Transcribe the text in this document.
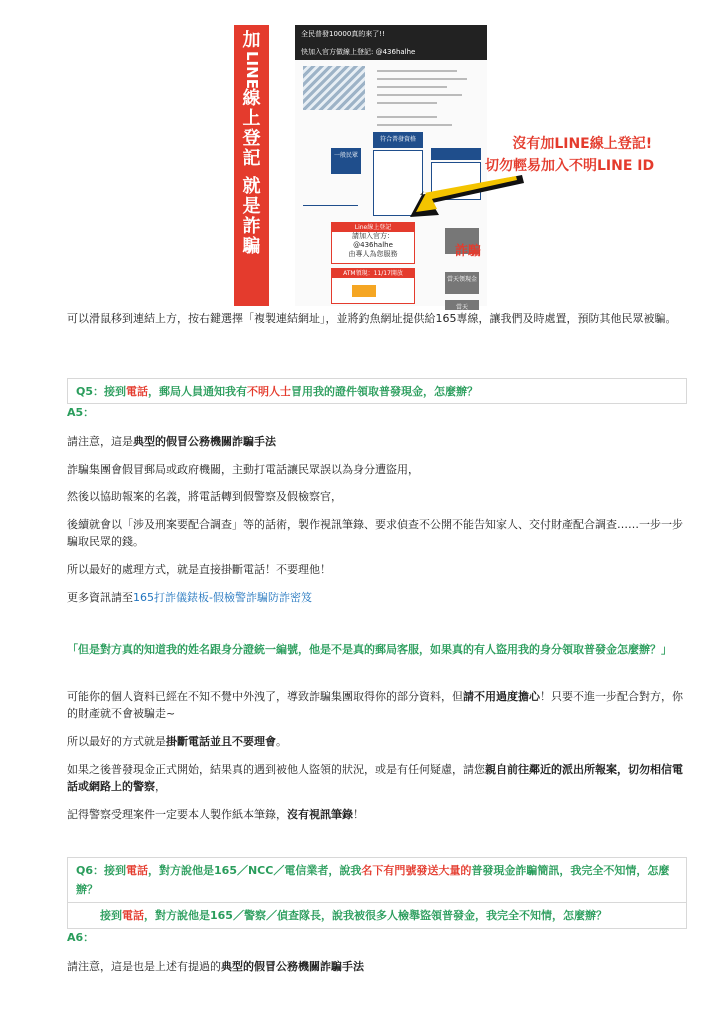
加
LINE
線
上
登
記
就
是
詐
騙
全民普發10000真的來了!!
快加入官方做線上登記: @436halhe
一般民眾
符合普發資格
Line線上登記
請加入官方：
@436halhe
由專人為您服務
ATM領現：11/17開放
當天領現金
當天
詐騙
沒有加LINE線上登記!
切勿輕易加入不明LINE ID
可以滑鼠移到連結上方，按右鍵選擇「複製連結網址」，並將釣魚網址提供給165專線，讓我們及時處置，預防其他民眾被騙。
Q5：接到電話，郵局人員通知我有不明人士冒用我的證件領取普發現金，怎麼辦？
A5：
請注意，這是典型的假冒公務機關詐騙手法
詐騙集團會假冒郵局或政府機關，主動打電話讓民眾誤以為身分遭盜用，
然後以協助報案的名義，將電話轉到假警察及假檢察官，
後續就會以「涉及刑案要配合調查」等的話術，製作視訊筆錄、要求偵查不公開不能告知家人、交付財產配合調查……一步一步騙取民眾的錢。
所以最好的處理方式，就是直接掛斷電話！不要理他！
更多資訊請至165打詐儀錶板-假檢警詐騙防詐密笈
「但是對方真的知道我的姓名跟身分證統一編號，他是不是真的郵局客服，如果真的有人盜用我的身分領取普發金怎麼辦？」
可能你的個人資料已經在不知不覺中外洩了，導致詐騙集團取得你的部分資料，但請不用過度擔心！只要不進一步配合對方，你的財產就不會被騙走~
所以最好的方式就是掛斷電話並且不要理會。
如果之後普發現金正式開始，結果真的遇到被他人盜領的狀況，或是有任何疑慮，請您親自前往鄰近的派出所報案，切勿相信電話或網路上的警察，
記得警察受理案件一定要本人製作紙本筆錄，沒有視訊筆錄！
Q6：接到電話，對方說他是165／NCC／電信業者，說我名下有門號發送大量的普發現金詐騙簡訊，我完全不知情，怎麼辦？
接到電話，對方說他是165／警察／偵查隊長，說我被很多人檢舉盜領普發金，我完全不知情，怎麼辦？
A6：
請注意，這是也是上述有提過的典型的假冒公務機關詐騙手法
